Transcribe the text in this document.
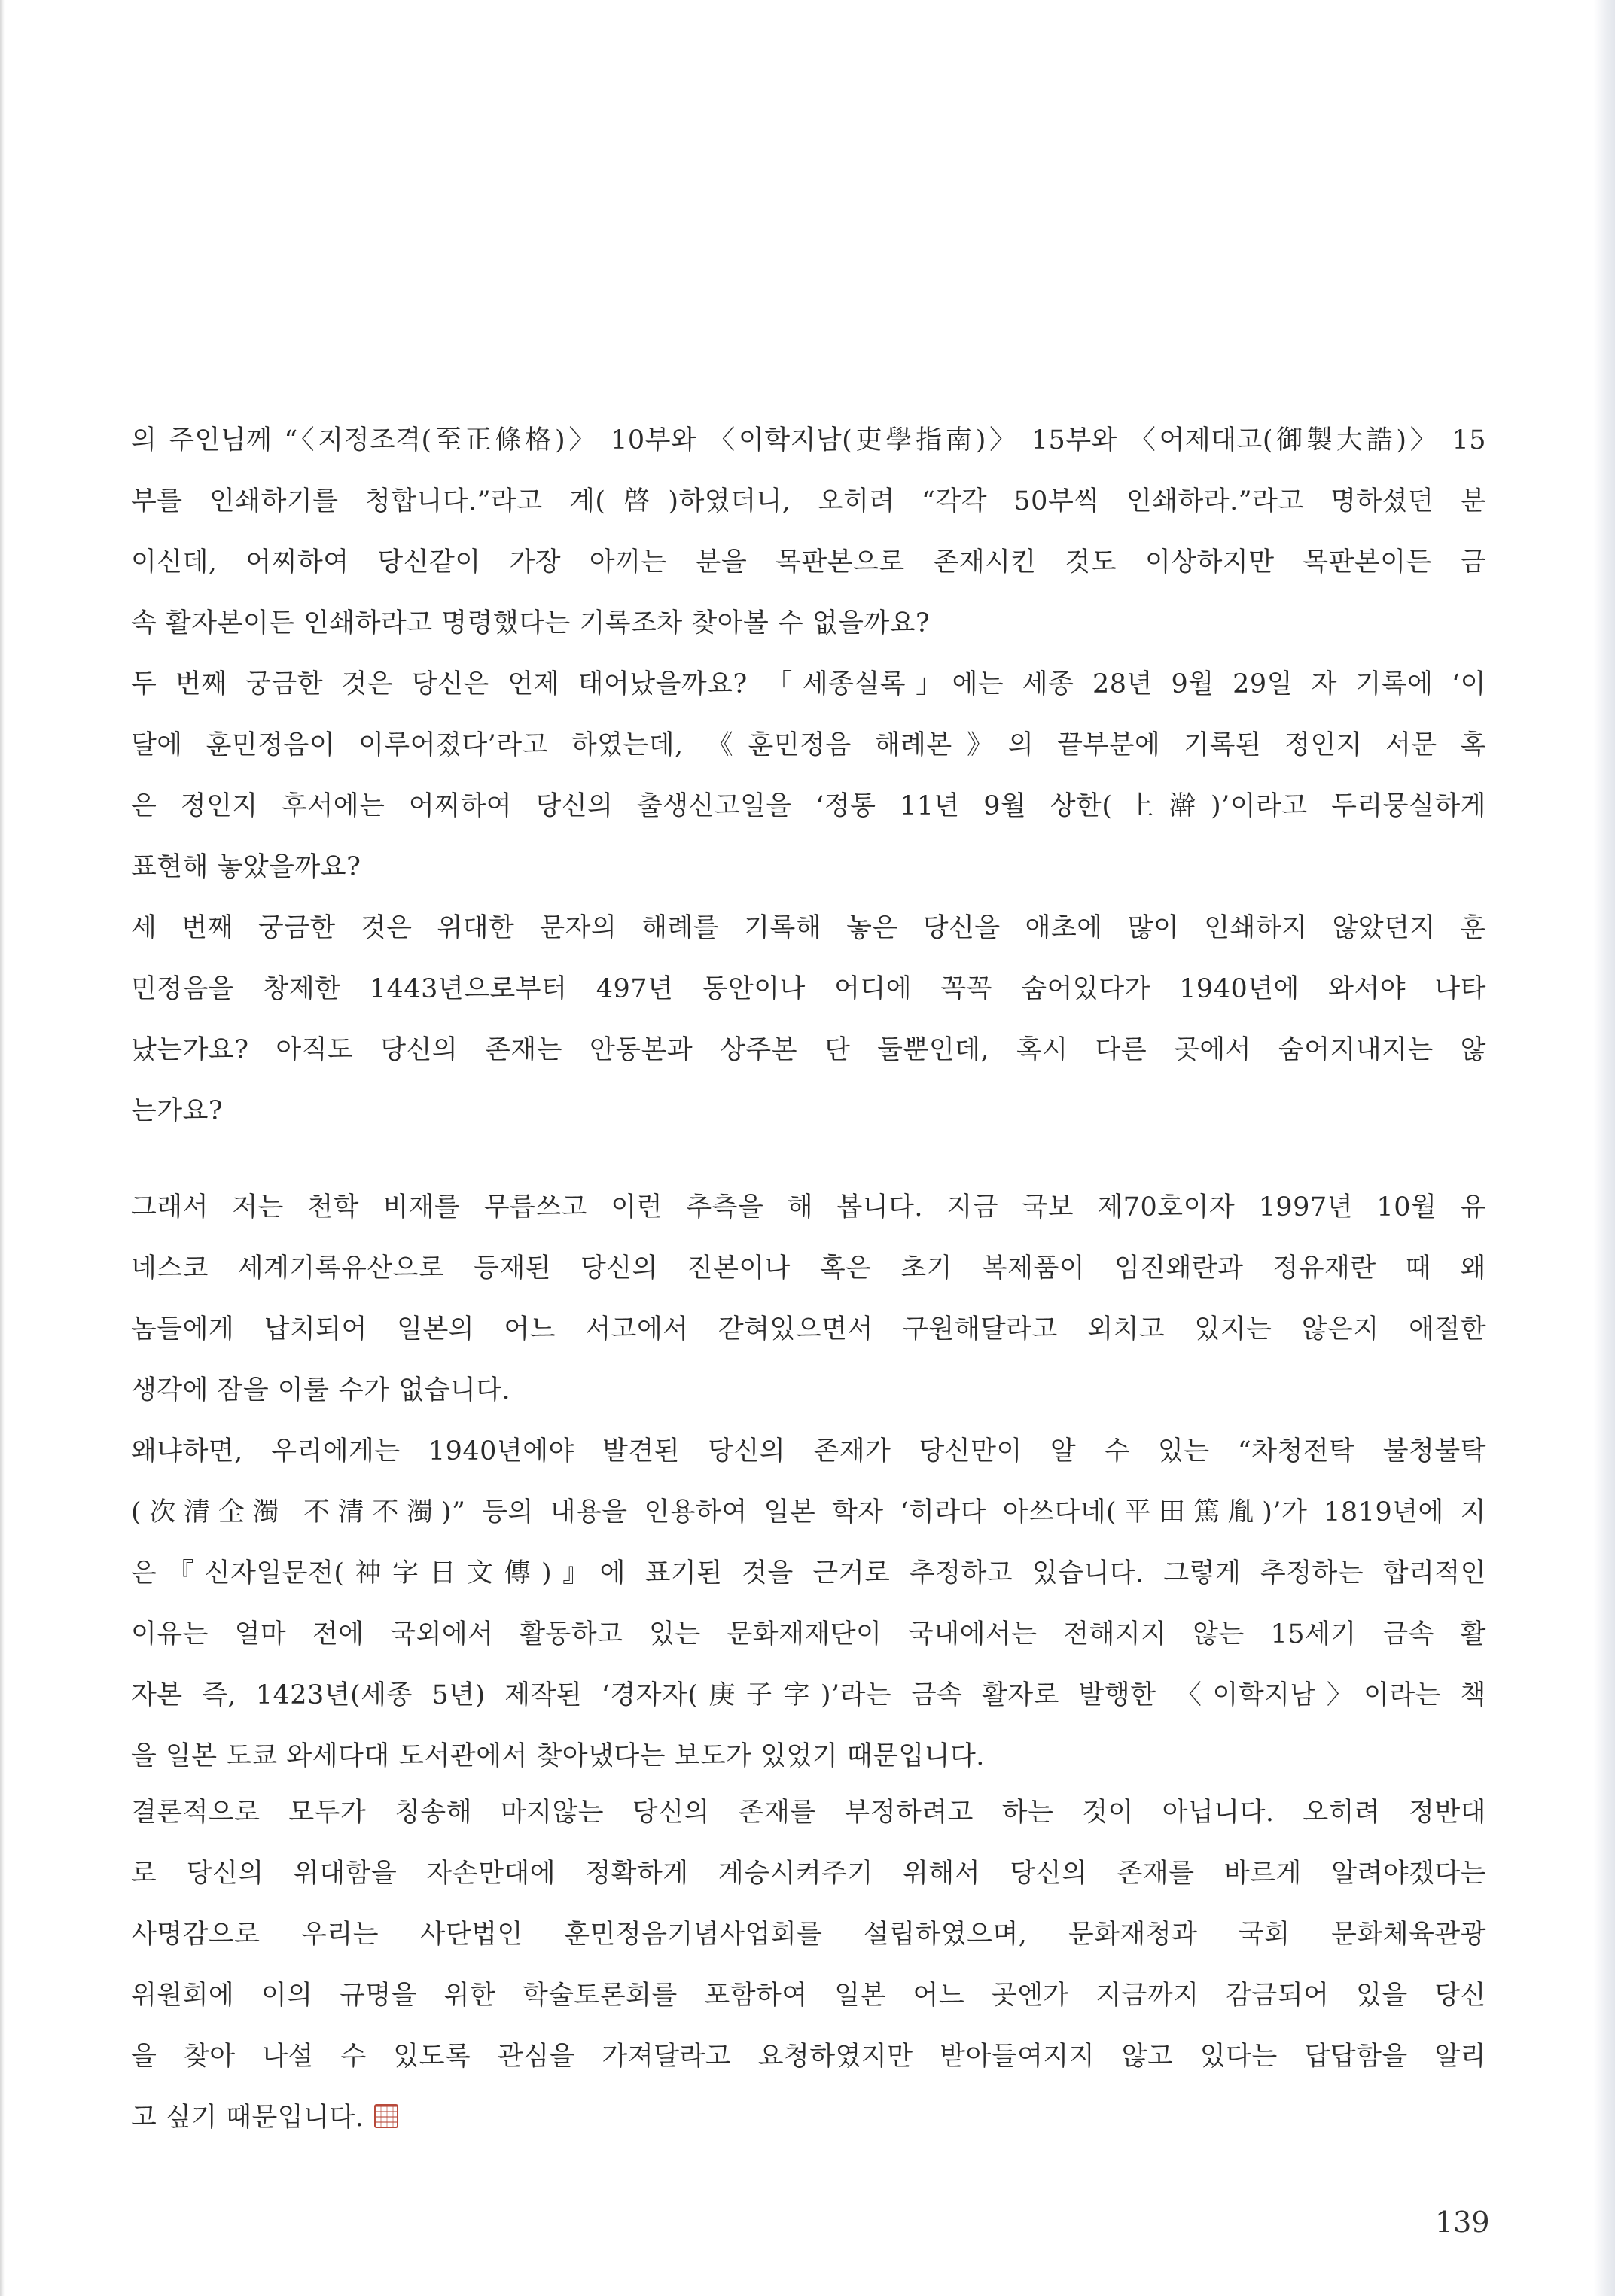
의 주인님께 “〈지정조격(至正條格)〉 10부와 〈이학지남(吏學指南)〉 15부와 〈어제대고(御製大誥)〉 15
부를 인쇄하기를 청합니다.”라고 계(啓)하였더니, 오히려 “각각 50부씩 인쇄하라.”라고 명하셨던 분
이신데, 어찌하여 당신같이 가장 아끼는 분을 목판본으로 존재시킨 것도 이상하지만 목판본이든 금
속 활자본이든 인쇄하라고 명령했다는 기록조차 찾아볼 수 없을까요?
두 번째 궁금한 것은 당신은 언제 태어났을까요? 「세종실록」에는 세종 28년 9월 29일 자 기록에 ‘이
달에 훈민정음이 이루어졌다’라고 하였는데, 《훈민정음 해례본》의 끝부분에 기록된 정인지 서문 혹
은 정인지 후서에는 어찌하여 당신의 출생신고일을 ‘정통 11년 9월 상한(上澣)’이라고 두리뭉실하게
표현해 놓았을까요?
세 번째 궁금한 것은 위대한 문자의 해례를 기록해 놓은 당신을 애초에 많이 인쇄하지 않았던지 훈
민정음을 창제한 1443년으로부터 497년 동안이나 어디에 꼭꼭 숨어있다가 1940년에 와서야 나타
났는가요? 아직도 당신의 존재는 안동본과 상주본 단 둘뿐인데, 혹시 다른 곳에서 숨어지내지는 않
는가요?
그래서 저는 천학 비재를 무릅쓰고 이런 추측을 해 봅니다. 지금 국보 제70호이자 1997년 10월 유
네스코 세계기록유산으로 등재된 당신의 진본이나 혹은 초기 복제품이 임진왜란과 정유재란 때 왜
놈들에게 납치되어 일본의 어느 서고에서 갇혀있으면서 구원해달라고 외치고 있지는 않은지 애절한
생각에 잠을 이룰 수가 없습니다.
왜냐하면, 우리에게는 1940년에야 발견된 당신의 존재가 당신만이 알 수 있는 “차청전탁 불청불탁
(次清全濁 不清不濁)” 등의 내용을 인용하여 일본 학자 ‘히라다 아쓰다네(平田篤胤)’가 1819년에 지
은『신자일문전(神字日文傳)』에 표기된 것을 근거로 추정하고 있습니다. 그렇게 추정하는 합리적인
이유는 얼마 전에 국외에서 활동하고 있는 문화재재단이 국내에서는 전해지지 않는 15세기 금속 활
자본 즉, 1423년(세종 5년) 제작된 ‘경자자(庚子字)’라는 금속 활자로 발행한 〈이학지남〉이라는 책
을 일본 도쿄 와세다대 도서관에서 찾아냈다는 보도가 있었기 때문입니다.
결론적으로 모두가 칭송해 마지않는 당신의 존재를 부정하려고 하는 것이 아닙니다. 오히려 정반대
로 당신의 위대함을 자손만대에 정확하게 계승시켜주기 위해서 당신의 존재를 바르게 알려야겠다는
사명감으로 우리는 사단법인 훈민정음기념사업회를 설립하였으며, 문화재청과 국회 문화체육관광
위원회에 이의 규명을 위한 학술토론회를 포함하여 일본 어느 곳엔가 지금까지 감금되어 있을 당신
을 찾아 나설 수 있도록 관심을 가져달라고 요청하였지만 받아들여지지 않고 있다는 답답함을 알리
고 싶기 때문입니다.
139
